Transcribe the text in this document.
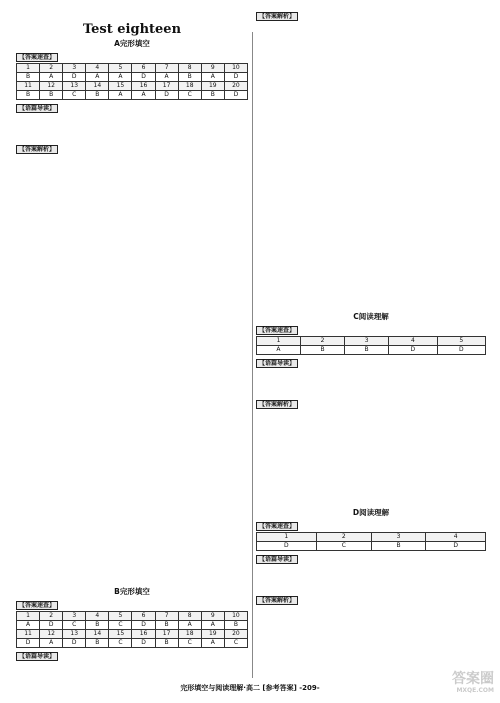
Test eighteen
A完形填空
【答案速查】
1	2	3	4	5	6	7	8	9	10
B	A	D	A	A	D	A	B	A	D
11	12	13	14	15	16	17	18	19	20
B	B	C	B	A	A	D	C	B	D
【语篇导读】
【答案解析】
B完形填空
【答案速查】
1	2	3	4	5	6	7	8	9	10
A	D	C	B	C	D	B	A	A	B
11	12	13	14	15	16	17	18	19	20
D	A	D	B	C	D	B	C	A	C
【语篇导读】
【答案解析】
C阅读理解
【答案速查】
1	2	3	4	5
A	B	B	D	D
【语篇导读】
【答案解析】
D阅读理解
【答案速查】
1	2	3	4
D	C	B	D
【语篇导读】
【答案解析】
完形填空与阅读理解·高二 [参考答案] -209-
答案圈
MXQE.COM
